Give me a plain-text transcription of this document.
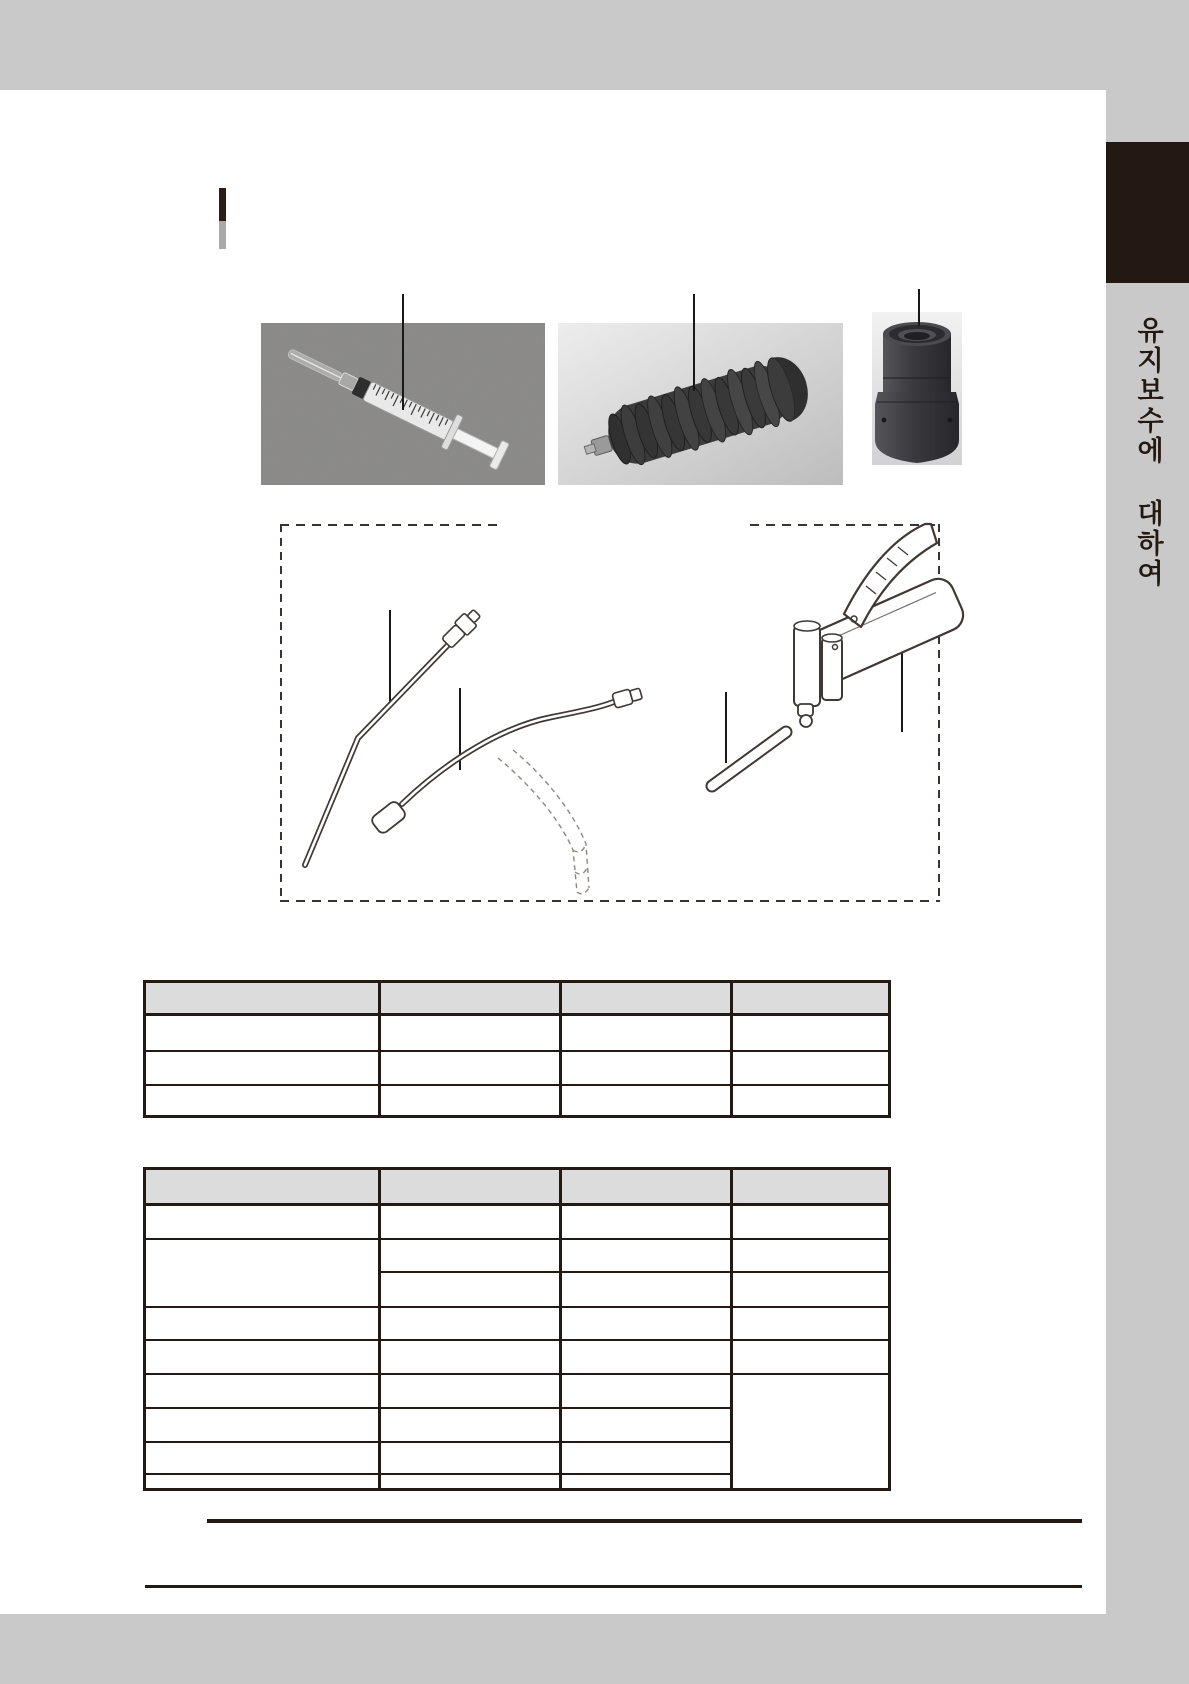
유지보수에 대하여
